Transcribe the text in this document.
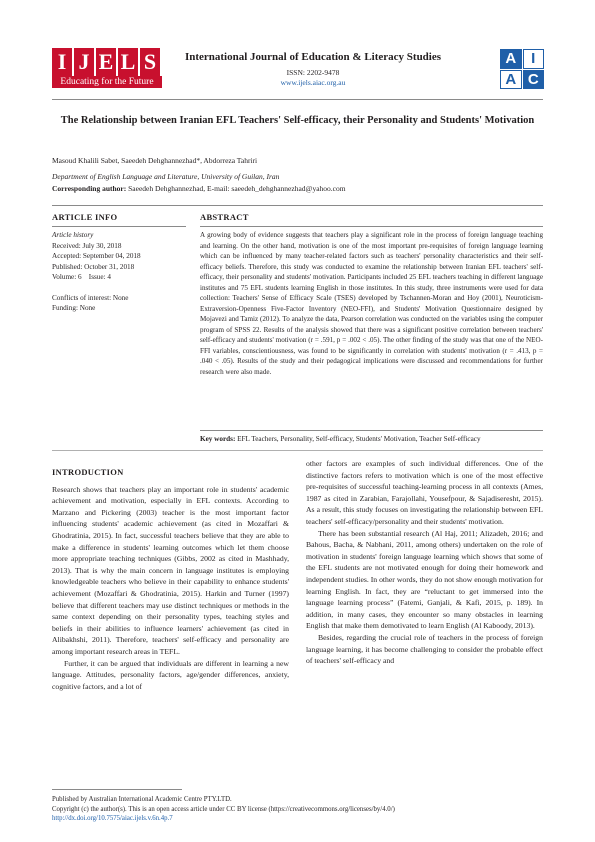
I J E L S
Educating for the Future
International Journal of Education & Literacy Studies
ISSN: 2202-9478
www.ijels.aiac.org.au
A I
A C
The Relationship between Iranian EFL Teachers' Self-efficacy, their Personality and Students' Motivation
Masoud Khalili Sabet, Saeedeh Dehghannezhad*, Abdorreza Tahriri
Department of English Language and Literature, University of Guilan, Iran
Corresponding author: Saeedeh Dehghannezhad, E-mail: saeedeh_dehghannezhad@yahoo.com
ARTICLE INFO
Article history
Received: July 30, 2018
Accepted: September 04, 2018
Published: October 31, 2018
Volume: 6    Issue: 4
Conflicts of interest: None
Funding: None
ABSTRACT
A growing body of evidence suggests that teachers play a significant role in the process of foreign language teaching and learning. On the other hand, motivation is one of the most important pre-requisites of foreign language learning which can be influenced by many teacher-related factors such as teachers' personality characteristics and their self-efficacy beliefs. Therefore, this study was conducted to examine the relationship between Iranian EFL teachers' self-efficacy, their personality and students' motivation. Participants included 25 EFL teachers teaching in different language institutes and 75 EFL students learning English in those institutes. In this study, three instruments were used for data collection: Teachers' Sense of Efficacy Scale (TSES) developed by Tschannen-Moran and Hoy (2001), Neuroticism-Extraversion-Openness Five-Factor Inventory (NEO-FFI), and Students' Motivation Questionnaire designed by Mojavezi and Tamiz (2012). To analyze the data, Pearson correlation was conducted on the variables using the computer program of SPSS 22. Results of the analysis showed that there was a significant positive correlation between teachers' self-efficacy and students' motivation (r = .591, p = .002 < .05). The other finding of the study was that one of the NEO-FFI variables, conscientiousness, was found to be significantly in correlation with students' motivation (r = .413, p = .040 < .05). Results of the study and their pedagogical implications were discussed and recommendations for further research were also made.
Key words: EFL Teachers, Personality, Self-efficacy, Students' Motivation, Teacher Self-efficacy
INTRODUCTION

Research shows that teachers play an important role in students' academic achievement and motivation, especially in EFL contexts. According to Marzano and Pickering (2003) teacher is the most important factor influencing students' academic achievement (as cited in Mozaffari & Ghodratinia, 2015). In fact, successful teachers believe that they are able to make a difference in students' learning outcomes which let them choose more appropriate teaching techniques (Gibbs, 2002 as cited in Mashhady, 2013). That is why the main concern in language institutes is employing knowledgeable teachers who believe in their capability to enhance students' achievement (Mozaffari & Ghodratinia, 2015). Harkin and Turner (1997) believe that different teachers may use distinct techniques or methods in the same context depending on their personality types, teaching styles and beliefs in their abilities to influence learners' achievement (as cited in Alibakhshi, 2011). Therefore, teachers' self-efficacy and personality are among important research areas in TEFL.

Further, it can be argued that individuals are different in learning a new language. Attitudes, personality factors, age/gender differences, anxiety, cognitive factors, and a lot of

other factors are examples of such individual differences. One of the distinctive factors refers to motivation which is one of the most effective pre-requisites of successful teaching-learning process in all contexts (Ames, 1987 as cited in Zarabian, Farajollahi, Yousefpour, & Sajadiseresht, 2015). As a result, this study focuses on investigating the relationship between EFL teachers' self-efficacy/personality and their students' motivation.

There has been substantial research (Al Haj, 2011; Alizadeh, 2016; and Bahous, Bacha, & Nabhani, 2011, among others) undertaken on the role of motivation in students' foreign language learning which shows that some of the EFL students are not motivated enough for doing their homework and independent studies. In other words, they do not show enough motivation for learning English. In fact, they are “reluctant to get immersed into the language learning process” (Fatemi, Ganjali, & Kafi, 2015, p. 189). In addition, in many cases, they encounter so many obstacles in learning English that make them demotivated to learn English (Al Kaboody, 2013).

Besides, regarding the crucial role of teachers in the process of foreign language learning, it has become challenging to consider the probable effect of teachers' self-efficacy and

Published by Australian International Academic Centre PTY.LTD.
Copyright (c) the author(s). This is an open access article under CC BY license (https://creativecommons.org/licenses/by/4.0/)
http://dx.doi.org/10.7575/aiac.ijels.v.6n.4p.7
